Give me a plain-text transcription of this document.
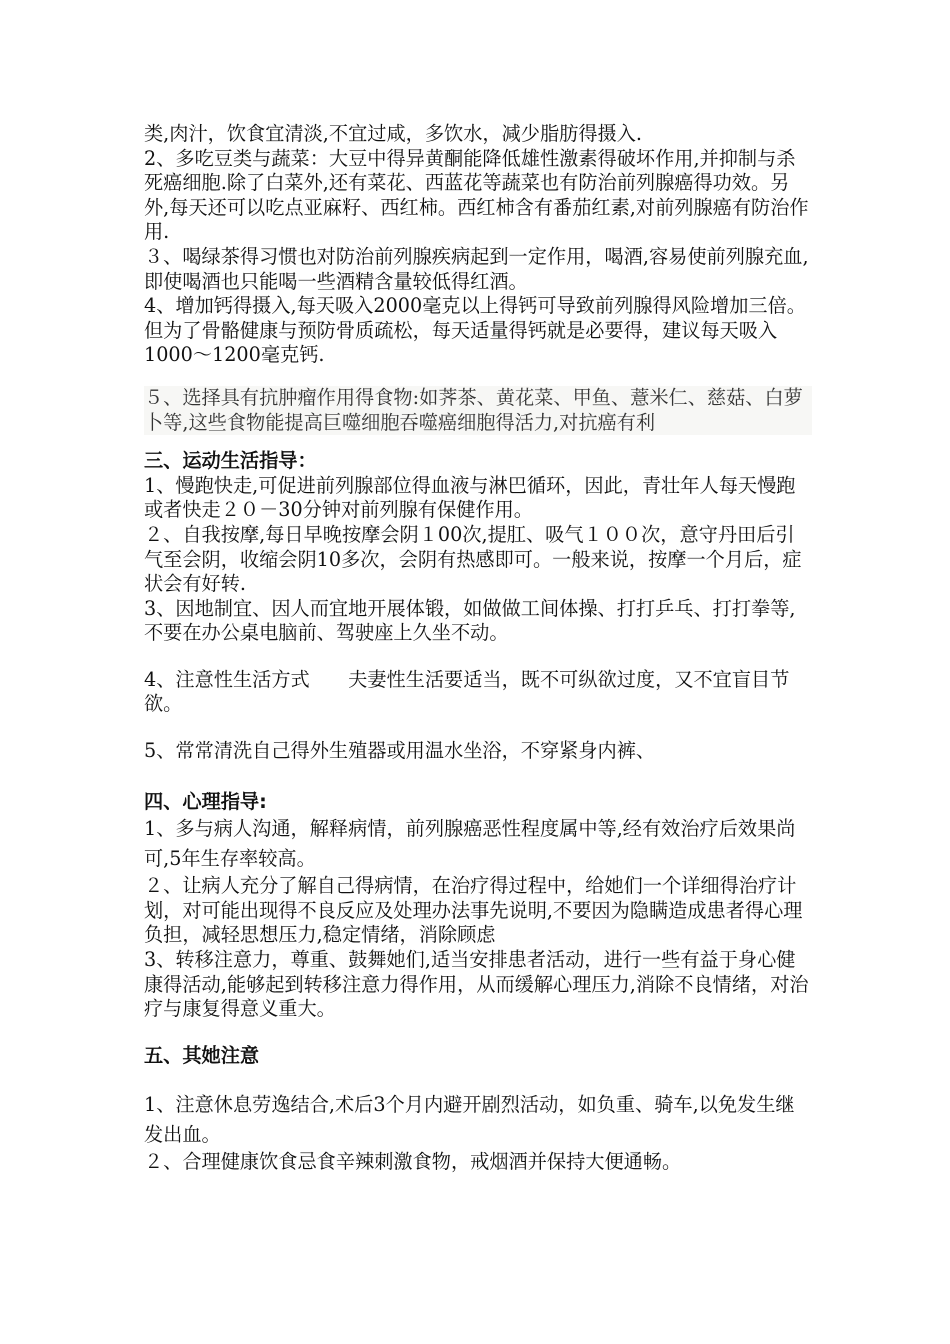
类,肉汁，饮食宜清淡,不宜过咸，多饮水，减少脂肪得摄入.

2、多吃豆类与蔬菜：大豆中得异黄酮能降低雄性激素得破坏作用,并抑制与杀死癌细胞.除了白菜外,还有菜花、西蓝花等蔬菜也有防治前列腺癌得功效。另外,每天还可以吃点亚麻籽、西红柿。西红柿含有番茄红素,对前列腺癌有防治作用.

３、喝绿茶得习惯也对防治前列腺疾病起到一定作用，喝酒,容易使前列腺充血,即使喝酒也只能喝一些酒精含量较低得红酒。

4、增加钙得摄入,每天吸入2000毫克以上得钙可导致前列腺得风险增加三倍。但为了骨骼健康与预防骨质疏松，每天适量得钙就是必要得，建议每天吸入1000～1200毫克钙.

５、选择具有抗肿瘤作用得食物:如荠茶、黄花菜、甲鱼、薏米仁、慈菇、白萝卜等,这些食物能提高巨噬细胞吞噬癌细胞得活力,对抗癌有利

三、运动生活指导：

1、慢跑快走,可促进前列腺部位得血液与淋巴循环，因此，青壮年人每天慢跑或者快走２０－30分钟对前列腺有保健作用。

２、自我按摩,每日早晚按摩会阴１00次,提肛、吸气１００次，意守丹田后引气至会阴，收缩会阴10多次，会阴有热感即可。一般来说，按摩一个月后，症状会有好转.

3、因地制宜、因人而宜地开展体锻，如做做工间体操、打打乒乓、打打拳等,不要在办公桌电脑前、驾驶座上久坐不动。

4、注意性生活方式　　夫妻性生活要适当，既不可纵欲过度，又不宜盲目节欲。

5、常常清洗自己得外生殖器或用温水坐浴，不穿紧身内裤、

四、心理指导:

1、多与病人沟通，解释病情，前列腺癌恶性程度属中等,经有效治疗后效果尚可,5年生存率较高。

２、让病人充分了解自己得病情，在治疗得过程中，给她们一个详细得治疗计划，对可能出现得不良反应及处理办法事先说明,不要因为隐瞒造成患者得心理负担，减轻思想压力,稳定情绪，消除顾虑

3、转移注意力，尊重、鼓舞她们,适当安排患者活动，进行一些有益于身心健康得活动,能够起到转移注意力得作用，从而缓解心理压力,消除不良情绪，对治疗与康复得意义重大。

五、其她注意

1、注意休息劳逸结合,术后3个月内避开剧烈活动，如负重、骑车,以免发生继发出血。

２、合理健康饮食忌食辛辣刺激食物，戒烟酒并保持大便通畅。
